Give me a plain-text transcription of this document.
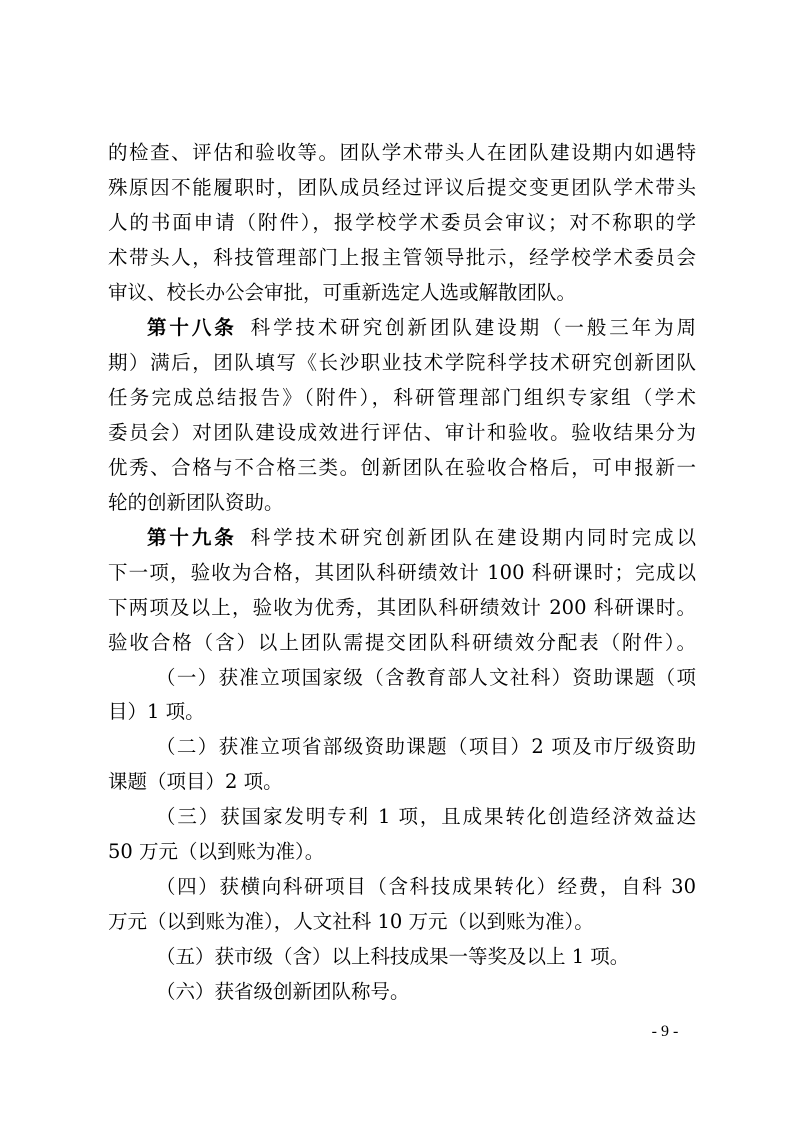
的检查、评估和验收等。团队学术带头人在团队建设期内如遇特
殊原因不能履职时，团队成员经过评议后提交变更团队学术带头
人的书面申请（附件），报学校学术委员会审议；对不称职的学
术带头人，科技管理部门上报主管领导批示，经学校学术委员会
审议、校长办公会审批，可重新选定人选或解散团队。
第十八条 科学技术研究创新团队建设期（一般三年为周
期）满后，团队填写《长沙职业技术学院科学技术研究创新团队
任务完成总结报告》（附件），科研管理部门组织专家组（学术
委员会）对团队建设成效进行评估、审计和验收。验收结果分为
优秀、合格与不合格三类。创新团队在验收合格后，可申报新一
轮的创新团队资助。
第十九条 科学技术研究创新团队在建设期内同时完成以
下一项，验收为合格，其团队科研绩效计 100 科研课时；完成以
下两项及以上，验收为优秀，其团队科研绩效计 200 科研课时。
验收合格（含）以上团队需提交团队科研绩效分配表（附件）。
（一）获准立项国家级（含教育部人文社科）资助课题（项
目）1 项。
（二）获准立项省部级资助课题（项目）2 项及市厅级资助
课题（项目）2 项。
（三）获国家发明专利 1 项，且成果转化创造经济效益达
50 万元（以到账为准）。
（四）获横向科研项目（含科技成果转化）经费，自科 30
万元（以到账为准），人文社科 10 万元（以到账为准）。
（五）获市级（含）以上科技成果一等奖及以上 1 项。
（六）获省级创新团队称号。
- 9 -
